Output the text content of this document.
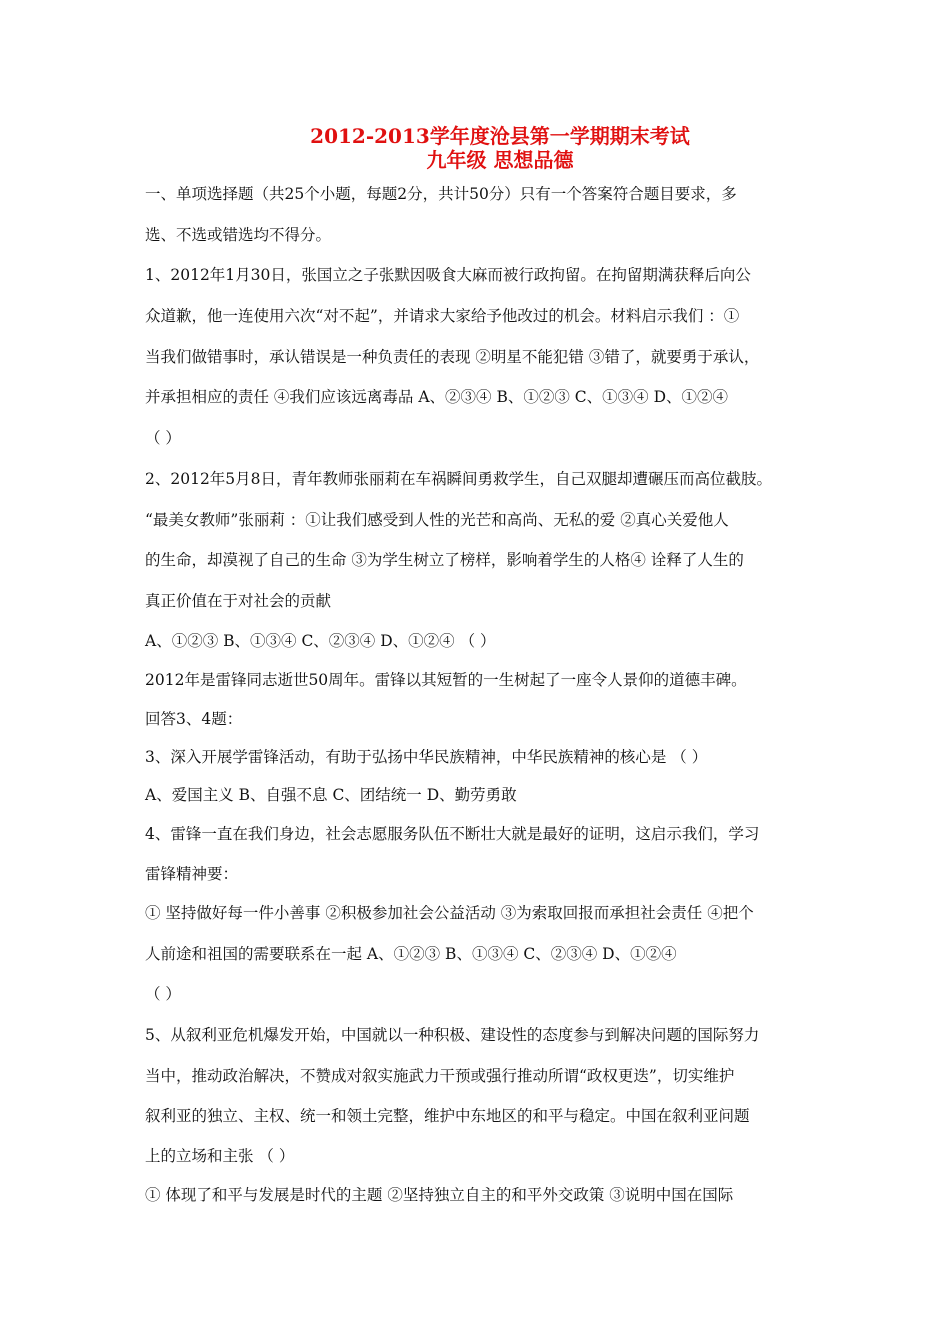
2012-2013学年度沧县第一学期期末考试
九年级 思想品德
一、单项选择题（共25个小题，每题2分，共计50分）只有一个答案符合题目要求，多
选、不选或错选均不得分。
1、2012年1月30日，张国立之子张默因吸食大麻而被行政拘留。在拘留期满获释后向公
众道歉，他一连使用六次“对不起”，并请求大家给予他改过的机会。材料启示我们 ：①
当我们做错事时，承认错误是一种负责任的表现 ②明星不能犯错 ③错了，就要勇于承认，
并承担相应的责任 ④我们应该远离毒品 A、②③④ B、①②③ C、①③④ D、①②④
（ ）
2、2012年5月8日，青年教师张丽莉在车祸瞬间勇救学生，自己双腿却遭碾压而高位截肢。
“最美女教师”张丽莉 ：①让我们感受到人性的光芒和高尚、无私的爱 ②真心关爱他人
的生命，却漠视了自己的生命 ③为学生树立了榜样，影响着学生的人格④ 诠释了人生的
真正价值在于对社会的贡献
A、①②③ B、①③④ C、②③④ D、①②④ （ ）
2012年是雷锋同志逝世50周年。雷锋以其短暂的一生树起了一座令人景仰的道德丰碑。
回答3、4题：
3、深入开展学雷锋活动，有助于弘扬中华民族精神，中华民族精神的核心是 （ ）
A、爱国主义 B、自强不息 C、团结统一 D、勤劳勇敢
4、雷锋一直在我们身边，社会志愿服务队伍不断壮大就是最好的证明，这启示我们，学习
雷锋精神要：
① 坚持做好每一件小善事 ②积极参加社会公益活动 ③为索取回报而承担社会责任 ④把个
人前途和祖国的需要联系在一起 A、①②③ B、①③④ C、②③④ D、①②④
（ ）
5、从叙利亚危机爆发开始，中国就以一种积极、建设性的态度参与到解决问题的国际努力
当中，推动政治解决，不赞成对叙实施武力干预或强行推动所谓“政权更迭”，切实维护
叙利亚的独立、主权、统一和领土完整，维护中东地区的和平与稳定。中国在叙利亚问题
上的立场和主张 （ ）
① 体现了和平与发展是时代的主题 ②坚持独立自主的和平外交政策 ③说明中国在国际
